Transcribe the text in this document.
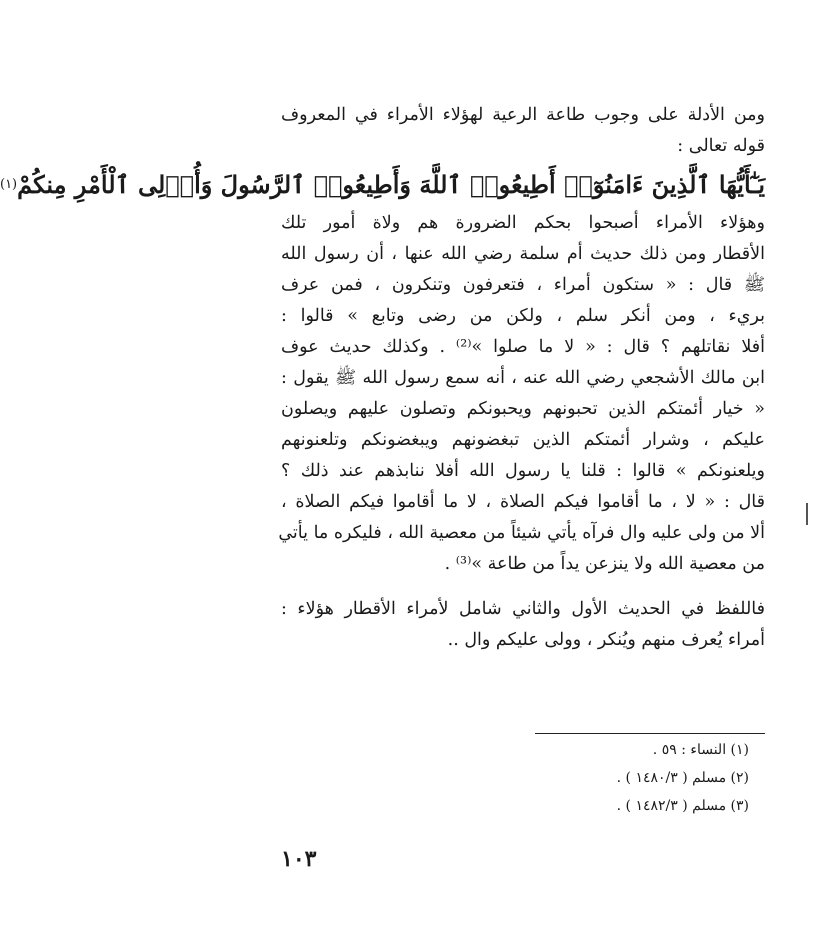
ومن الأدلة على وجوب طاعة الرعية لهؤلاء الأمراء في المعروف
قوله تعالى :
يَـٰٓأَيُّهَا ٱلَّذِينَ ءَامَنُوٓا۟ أَطِيعُوا۟ ٱللَّهَ وَأَطِيعُوا۟ ٱلرَّسُولَ وَأُو۟لِى ٱلْأَمْرِ مِنكُمْ
(١)
وهؤلاء الأمراء أصبحوا بحكم الضرورة هم ولاة أمور تلك
الأقطار ومن ذلك حديث أم سلمة رضي الله عنها ، أن رسول الله
ﷺ قال : « ستكون أمراء ، فتعرفون وتنكرون ، فمن عرف
بريء ، ومن أنكر سلم ، ولكن من رضى وتابع » قالوا :
أفلا نقاتلهم ؟ قال : « لا ما صلوا »⁽²⁾ . وكذلك حديث عوف
ابن مالك الأشجعي رضي الله عنه ، أنه سمع رسول الله ﷺ يقول :
« خيار أئمتكم الذين تحبونهم ويحبونكم وتصلون عليهم ويصلون
عليكم ، وشرار أئمتكم الذين تبغضونهم ويبغضونكم وتلعنونهم
ويلعنونكم » قالوا : قلنا يا رسول الله أفلا ننابذهم عند ذلك ؟
قال : « لا ، ما أقاموا فيكم الصلاة ، لا ما أقاموا فيكم الصلاة ،
ألا من ولى عليه وال فرآه يأتي شيئاً من معصية الله ، فليكره ما يأتي
من معصية الله ولا ينزعن يداً من طاعة »⁽³⁾ .
فاللفظ في الحديث الأول والثاني شامل لأمراء الأقطار هؤلاء :
أمراء يُعرف منهم ويُنكر ، وولى عليكم وال ..
(١) النساء : ٥٩ .
(٢) مسلم ( ١٤٨٠/٣ ) .
(٣) مسلم ( ١٤٨٢/٣ ) .
١٠٣
